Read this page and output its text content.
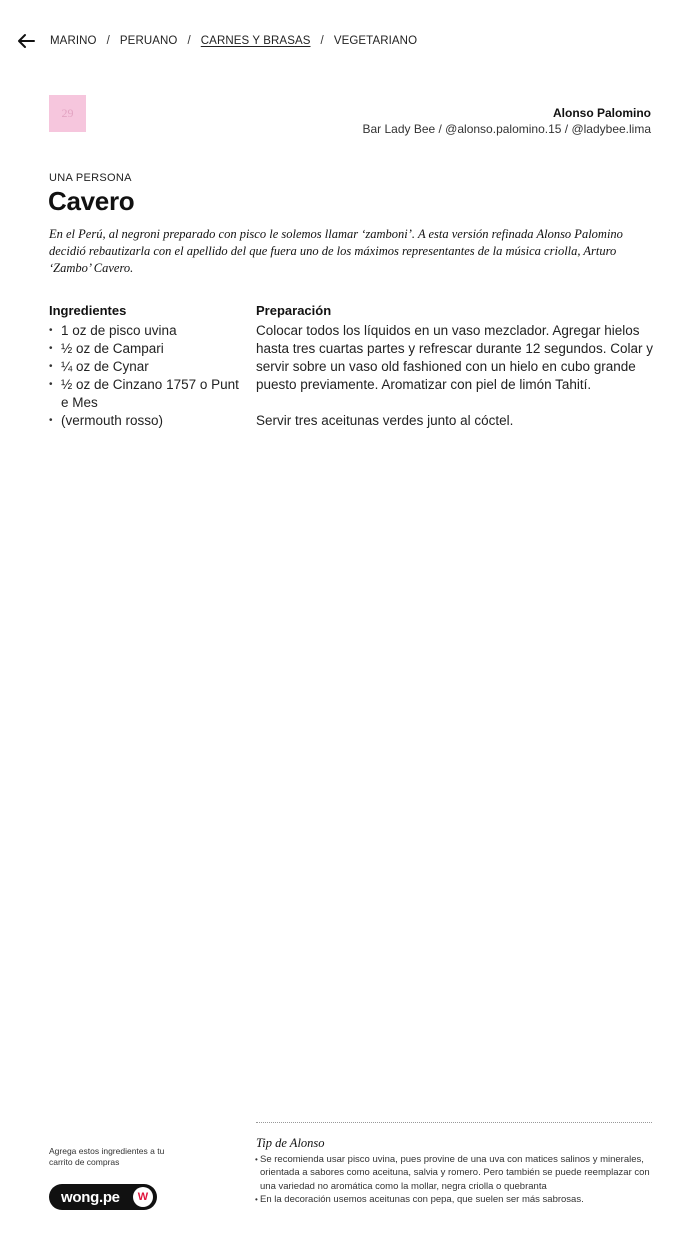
MARINO / PERUANO / CARNES Y BRASAS / VEGETARIANO
29	Alonso Palomino
Bar Lady Bee / @alonso.palomino.15 / @ladybee.lima
UNA PERSONA
Cavero
En el Perú, al negroni preparado con pisco le solemos llamar ‘zamboni’. A esta versión refinada Alonso Palomino decidió rebautizarla con el apellido del que fuera uno de los máximos representantes de la música criolla, Arturo ‘Zambo’ Cavero.
Ingredientes
• 1 oz de pisco uvina
• ½ oz de Campari
• ¼ oz de Cynar
• ½ oz de Cinzano 1757 o Punt e Mes
• (vermouth rosso)
Preparación

Colocar todos los líquidos en un vaso mezclador. Agregar hielos hasta tres cuartas partes y refrescar durante 12 segundos. Colar y servir sobre un vaso old fashioned con un hielo en cubo grande puesto previamente. Aromatizar con piel de limón Tahití.

Servir tres aceitunas verdes junto al cóctel.

Agrega estos ingredientes a tu carrito de compras
wong.pe	W
Tip de Alonso
• Se recomienda usar pisco uvina, pues provine de una uva con matices salinos y minerales, orientada a sabores como aceituna, salvia y romero. Pero también se puede reemplazar con una variedad no aromática como la mollar, negra criolla o quebranta
• En la decoración usemos aceitunas con pepa, que suelen ser más sabrosas.
